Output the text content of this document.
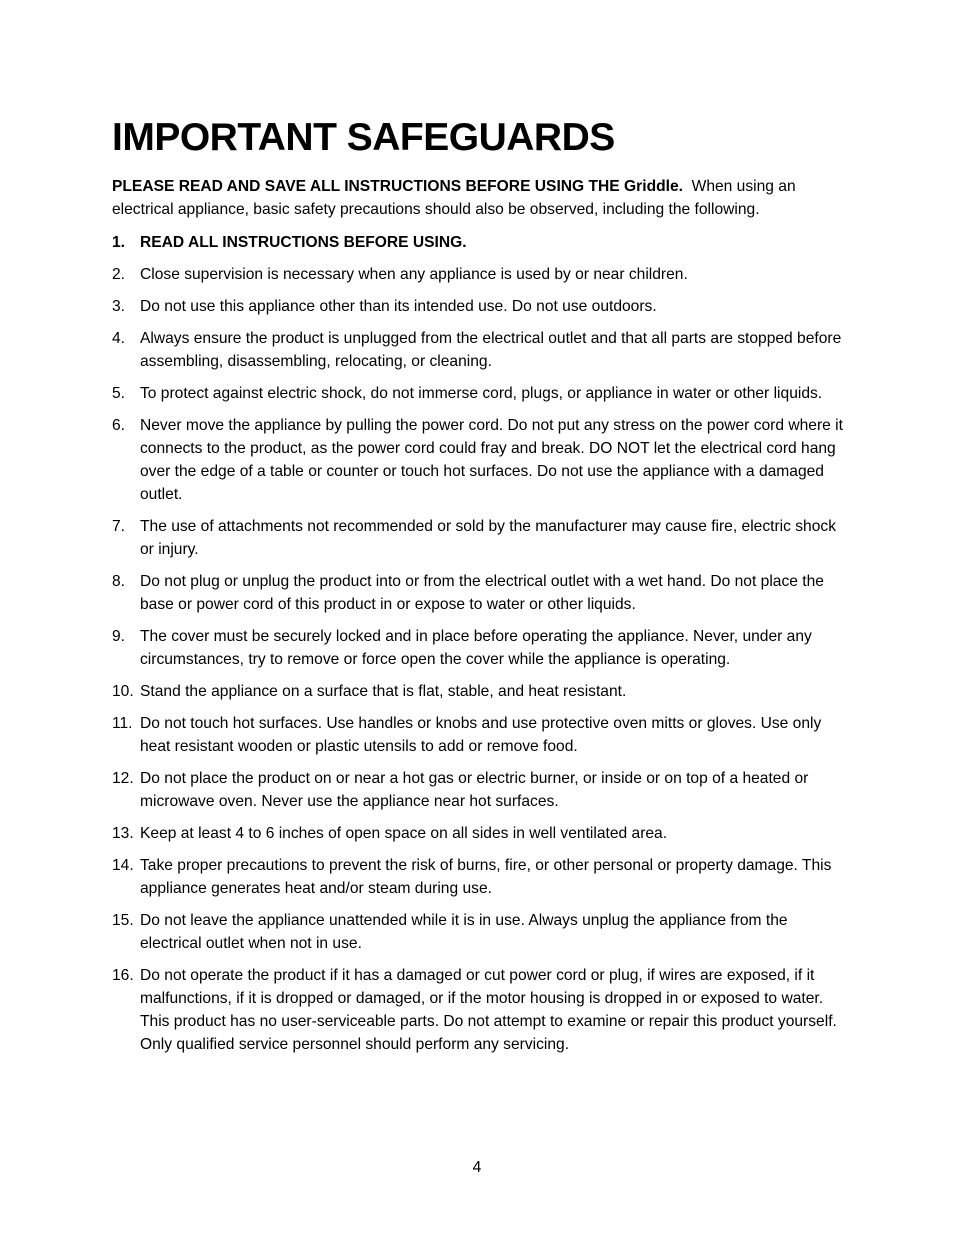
IMPORTANT SAFEGUARDS

PLEASE READ AND SAVE ALL INSTRUCTIONS BEFORE USING THE Griddle.  When using an electrical appliance, basic safety precautions should also be observed, including the following.

1. READ ALL INSTRUCTIONS BEFORE USING.
2. Close supervision is necessary when any appliance is used by or near children.
3. Do not use this appliance other than its intended use. Do not use outdoors.
4. Always ensure the product is unplugged from the electrical outlet and that all parts are stopped before assembling, disassembling, relocating, or cleaning.
5. To protect against electric shock, do not immerse cord, plugs, or appliance in water or other liquids.
6. Never move the appliance by pulling the power cord. Do not put any stress on the power cord where it connects to the product, as the power cord could fray and break. DO NOT let the electrical cord hang over the edge of a table or counter or touch hot surfaces. Do not use the appliance with a damaged outlet.
7. The use of attachments not recommended or sold by the manufacturer may cause fire, electric shock or injury.
8. Do not plug or unplug the product into or from the electrical outlet with a wet hand. Do not place the base or power cord of this product in or expose to water or other liquids.
9. The cover must be securely locked and in place before operating the appliance. Never, under any circumstances, try to remove or force open the cover while the appliance is operating.
10. Stand the appliance on a surface that is flat, stable, and heat resistant.
11. Do not touch hot surfaces. Use handles or knobs and use protective oven mitts or gloves. Use only heat resistant wooden or plastic utensils to add or remove food.
12. Do not place the product on or near a hot gas or electric burner, or inside or on top of a heated or microwave oven. Never use the appliance near hot surfaces.
13. Keep at least 4 to 6 inches of open space on all sides in well ventilated area.
14. Take proper precautions to prevent the risk of burns, fire, or other personal or property damage. This appliance generates heat and/or steam during use.
15. Do not leave the appliance unattended while it is in use. Always unplug the appliance from the electrical outlet when not in use.
16. Do not operate the product if it has a damaged or cut power cord or plug, if wires are exposed, if it malfunctions, if it is dropped or damaged, or if the motor housing is dropped in or exposed to water. This product has no user-serviceable parts. Do not attempt to examine or repair this product yourself. Only qualified service personnel should perform any servicing.
4
